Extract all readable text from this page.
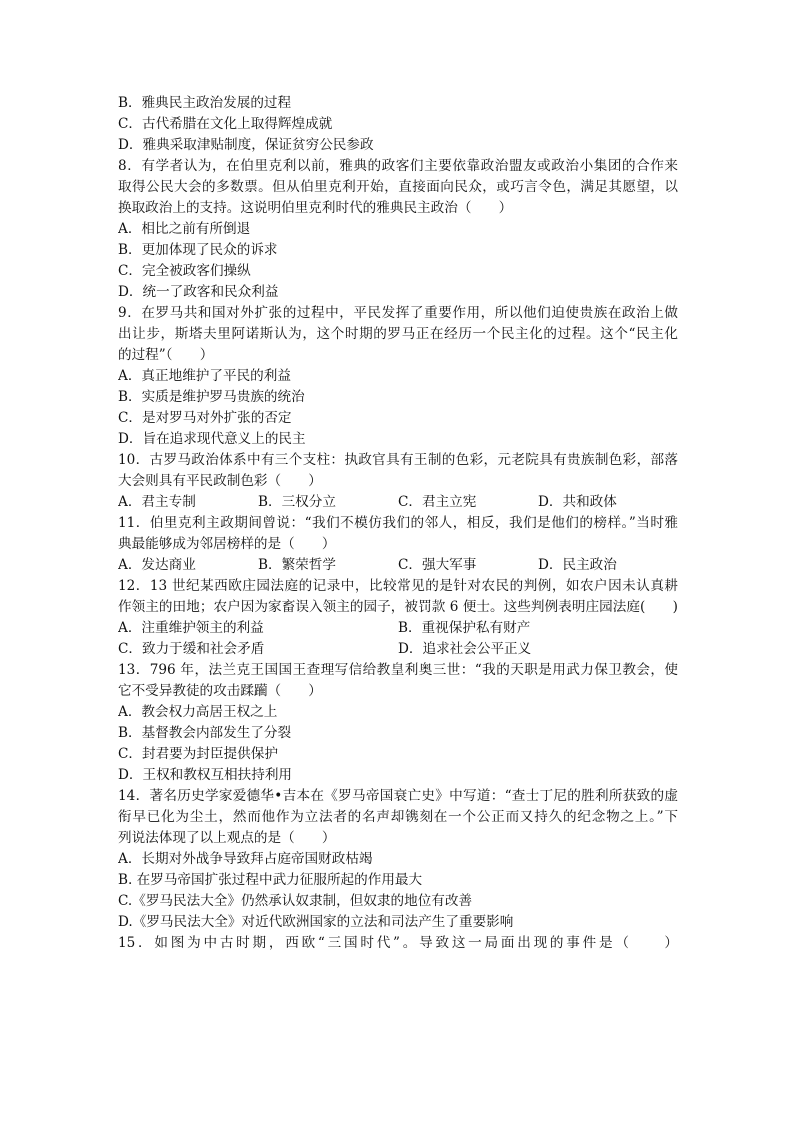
B．雅典民主政治发展的过程
C．古代希腊在文化上取得辉煌成就
D．雅典采取津贴制度，保证贫穷公民参政
8．有学者认为，在伯里克利以前，雅典的政客们主要依靠政治盟友或政治小集团的合作来
取得公民大会的多数票。但从伯里克利开始，直接面向民众，或巧言令色，满足其愿望，以
换取政治上的支持。这说明伯里克利时代的雅典民主政治（　　）
A．相比之前有所倒退
B．更加体现了民众的诉求
C．完全被政客们操纵
D．统一了政客和民众利益
9．在罗马共和国对外扩张的过程中，平民发挥了重要作用，所以他们迫使贵族在政治上做
出让步，斯塔夫里阿诺斯认为，这个时期的罗马正在经历一个民主化的过程。这个“民主化
的过程”（　　）
A．真正地维护了平民的利益
B．实质是维护罗马贵族的统治
C．是对罗马对外扩张的否定
D．旨在追求现代意义上的民主
10．古罗马政治体系中有三个支柱：执政官具有王制的色彩，元老院具有贵族制色彩，部落
大会则具有平民政制色彩（　　）
A．君主专制	B．三权分立	C．君主立宪	D．共和政体
11．伯里克利主政期间曾说：“我们不模仿我们的邻人，相反，我们是他们的榜样。”当时雅
典最能够成为邻居榜样的是（　　）
A．发达商业	B．繁荣哲学	C．强大军事	D．民主政治
12．13 世纪某西欧庄园法庭的记录中，比较常见的是针对农民的判例，如农户因未认真耕
作领主的田地；农户因为家畜误入领主的园子，被罚款 6 便士。这些判例表明庄园法庭(　　)
A．注重维护领主的利益	B．重视保护私有财产
C．致力于缓和社会矛盾	D．追求社会公平正义
13．796 年，法兰克王国国王查理写信给教皇利奥三世：“我的天职是用武力保卫教会，使
它不受异教徒的攻击蹂躏（　　）
A．教会权力高居王权之上
B．基督教会内部发生了分裂
C．封君要为封臣提供保护
D．王权和教权互相扶持利用
14．著名历史学家爱德华•吉本在《罗马帝国衰亡史》中写道：“查士丁尼的胜利所获致的虚
衔早已化为尘土，然而他作为立法者的名声却镌刻在一个公正而又持久的纪念物之上。”下
列说法体现了以上观点的是（　　）
A．长期对外战争导致拜占庭帝国财政枯竭
B. 在罗马帝国扩张过程中武力征服所起的作用最大
C.《罗马民法大全》仍然承认奴隶制，但奴隶的地位有改善
D.《罗马民法大全》对近代欧洲国家的立法和司法产生了重要影响
15．如图为中古时期，西欧“三国时代”。导致这一局面出现的事件是（　　）
